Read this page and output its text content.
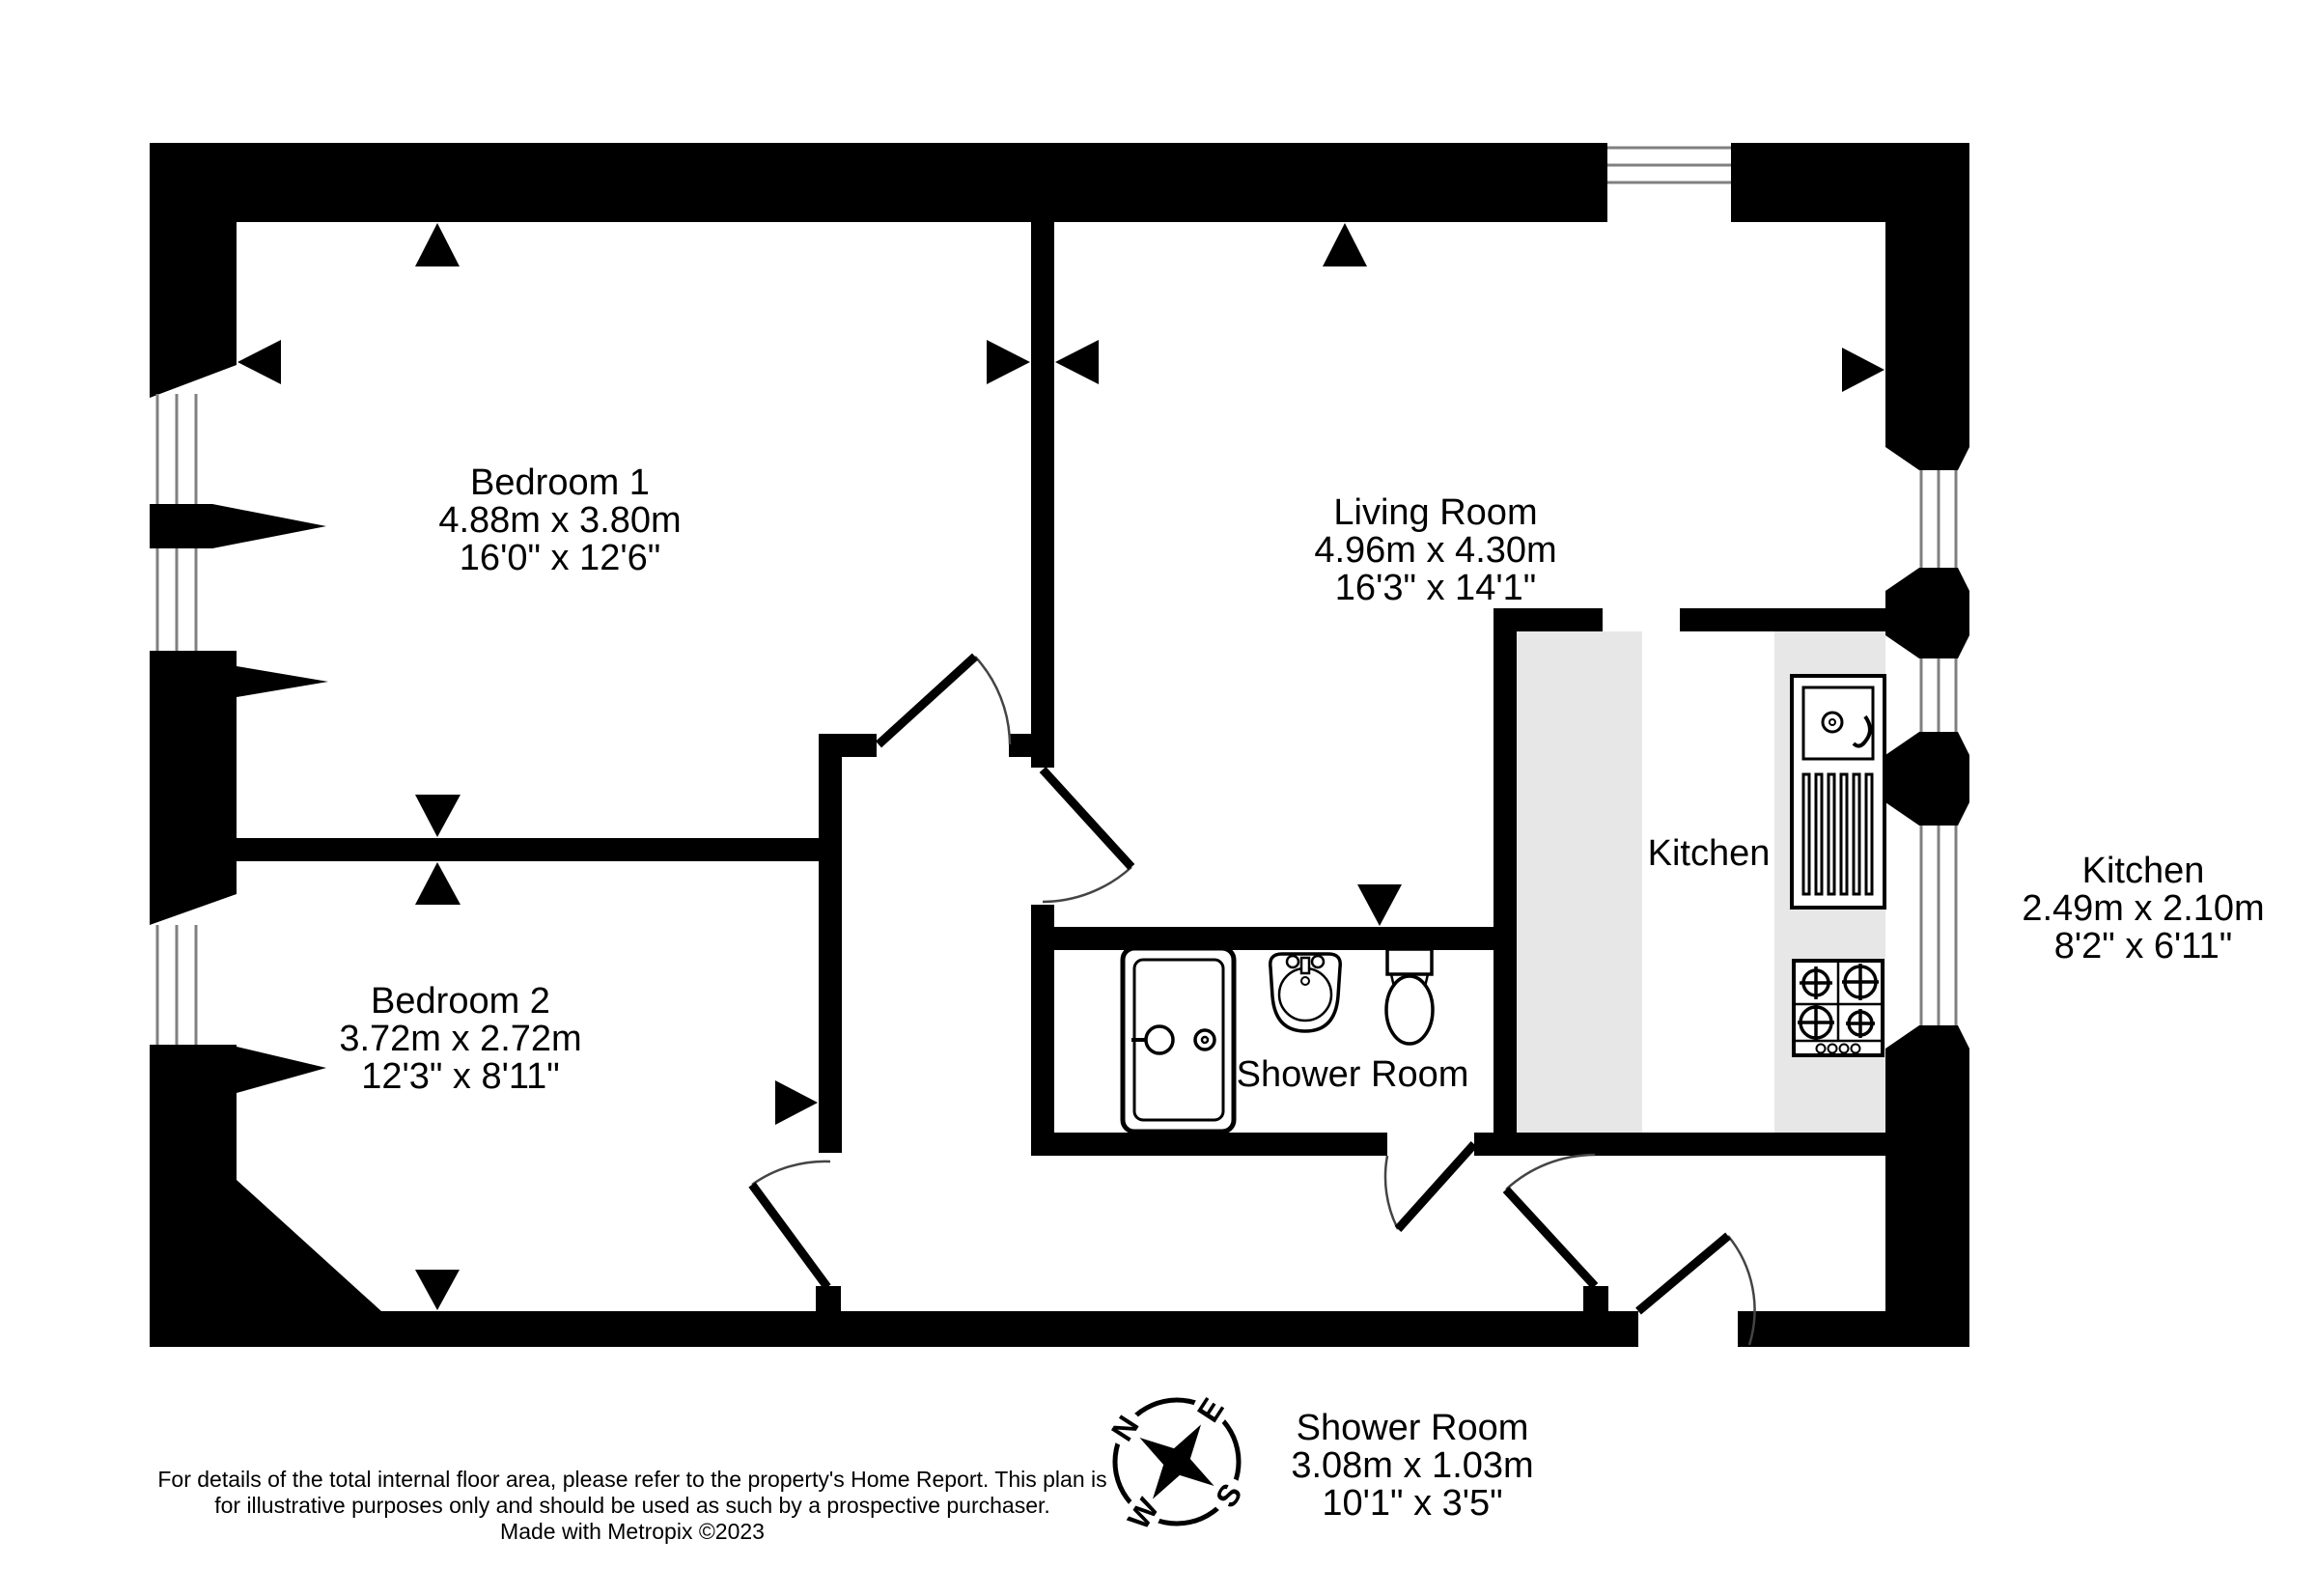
Bedroom 1
4.88m x 3.80m
16'0" x 12'6"
Living Room
4.96m x 4.30m
16'3" x 14'1"
Bedroom 2
3.72m x 2.72m
12'3" x 8'11"
Kitchen
Shower Room
Kitchen
2.49m x 2.10m
8'2" x 6'11"
Shower Room
3.08m x 1.03m
10'1" x 3'5"
N E
S
W
For details of the total internal floor area, please refer to the property's Home Report. This plan is
for illustrative purposes only and should be used as such by a prospective purchaser.
Made with Metropix ©2023
